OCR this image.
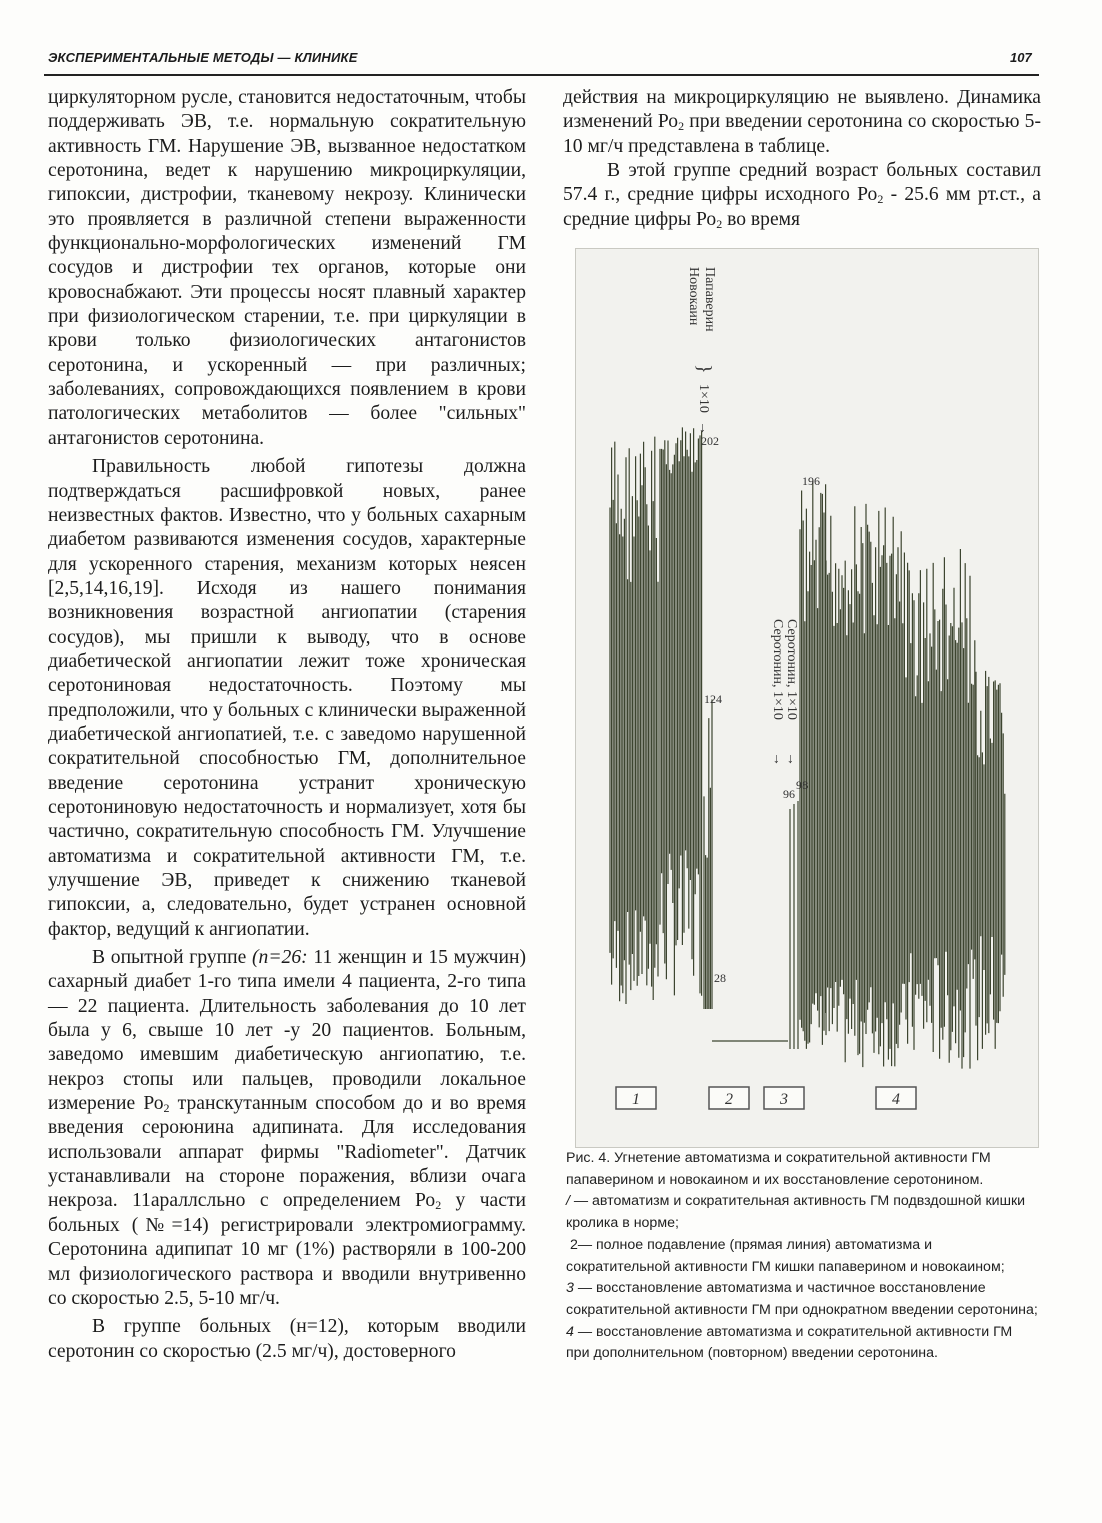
ЭКСПЕРИМЕНТАЛЬНЫЕ МЕТОДЫ — КЛИНИКЕ	107

циркуляторном русле, становится недостаточным, чтобы поддерживать ЭВ, т.е. нормальную сократительную активность ГМ. Нарушение ЭВ, вызванное недостатком серотонина, ведет к нарушению микроциркуляции, гипоксии, дистрофии, тканевому некрозу. Клинически это проявляется в различной степени выраженности функционально-морфологических изменений ГМ сосудов и дистрофии тех органов, которые они кровоснабжают. Эти процессы носят плавный характер при физиологическом старении, т.е. при циркуляции в крови только физиологических антагонистов серотонина, и ускоренный — при различных; заболеваниях, сопровождающихся появлением в крови патологических метаболитов — более "сильных" антагонистов серотонина.

Правильность любой гипотезы должна подтверждаться расшифровкой новых, ранее неизвестных фактов. Известно, что у больных сахарным диабетом развиваются изменения сосудов, характерные для ускоренного старения, механизм которых неясен [2,5,14,16,19]. Исходя из нашего понимания возникновения возрастной ангиопатии (старения сосудов), мы пришли к выводу, что в основе диабетической ангиопатии лежит тоже хроническая серотониновая недостаточность. Поэтому мы предположили, что у больных с клинически выраженной диабетической ангиопатией, т.е. с заведомо нарушенной сократительной способностью ГМ, дополнительное введение серотонина устранит хроническую серотониновую недостаточность и нормализует, хотя бы частично, сократительную способность ГМ. Улучшение автоматизма и сократительной активности ГМ, т.е. улучшение ЭВ, приведет к снижению тканевой гипоксии, а, следовательно, будет устранен основной фактор, ведущий к ангиопатии.

В опытной группе (n=26: 11 женщин и 15 мужчин) сахарный диабет 1-го типа имели 4 пациента, 2-го типа — 22 пациента. Длительность заболевания до 10 лет была у 6, свыше 10 лет -у 20 пациентов. Больным, заведомо имевшим диабетическую ангиопатию, т.е. некроз стопы или пальцев, проводили локальное измерение $Ро_2$ транскутанным способом до и во время введения сероюнина адипината. Для исследования использовали аппарат фирмы "Radiometer". Датчик устанавливали на стороне поражения, вблизи очага некроза. 11араллсльно с определением $Ро_2$ у части больных (№=14) регистрировали электромиограмму. Серотонина адипипат 10 мг (1%) растворяли в 100-200 мл физиологического раствора и вводили внутривенно со скоростью 2.5, 5-10 мг/ч.

В группе больных (н=12), которым вводили серотонин со скоростью (2.5 мг/ч), достоверного

действия на микроциркуляцию не выявлено. Динамика изменений $Ро_2$ при введении серотонина со скоростью 5-10 мг/ч представлена в таблице.

В этой группе средний возраст больных составил 57.4 г., средние цифры исходного $Ро_2 - 25.6$ мм рт.ст., а средние цифры $Ро_2$ во время

Папаверин
Новокаин
}
1×10
→
Серотонин, 1×10
Серотонин, 1×10
→
→
202
196
124
28
96
98
1	2	3	4

Рис. 4. Угнетение автоматизма и сократительной активности ГМ папаверином и новокаином и их восстановление серотонином.

/ — автоматизм и сократительная активность ГМ подвздошной кишки кролика в норме;

2— полное подавление (прямая линия) автоматизма и сократительной активности ГМ кишки папаверином и новокаином;

3 — восстановление автоматизма и частичное восстановление сократительной активности ГМ при однократном введении серотонина;

4 — восстановление автоматизма и сократительной активности ГМ при дополнительном (повторном) введении серотонина.
